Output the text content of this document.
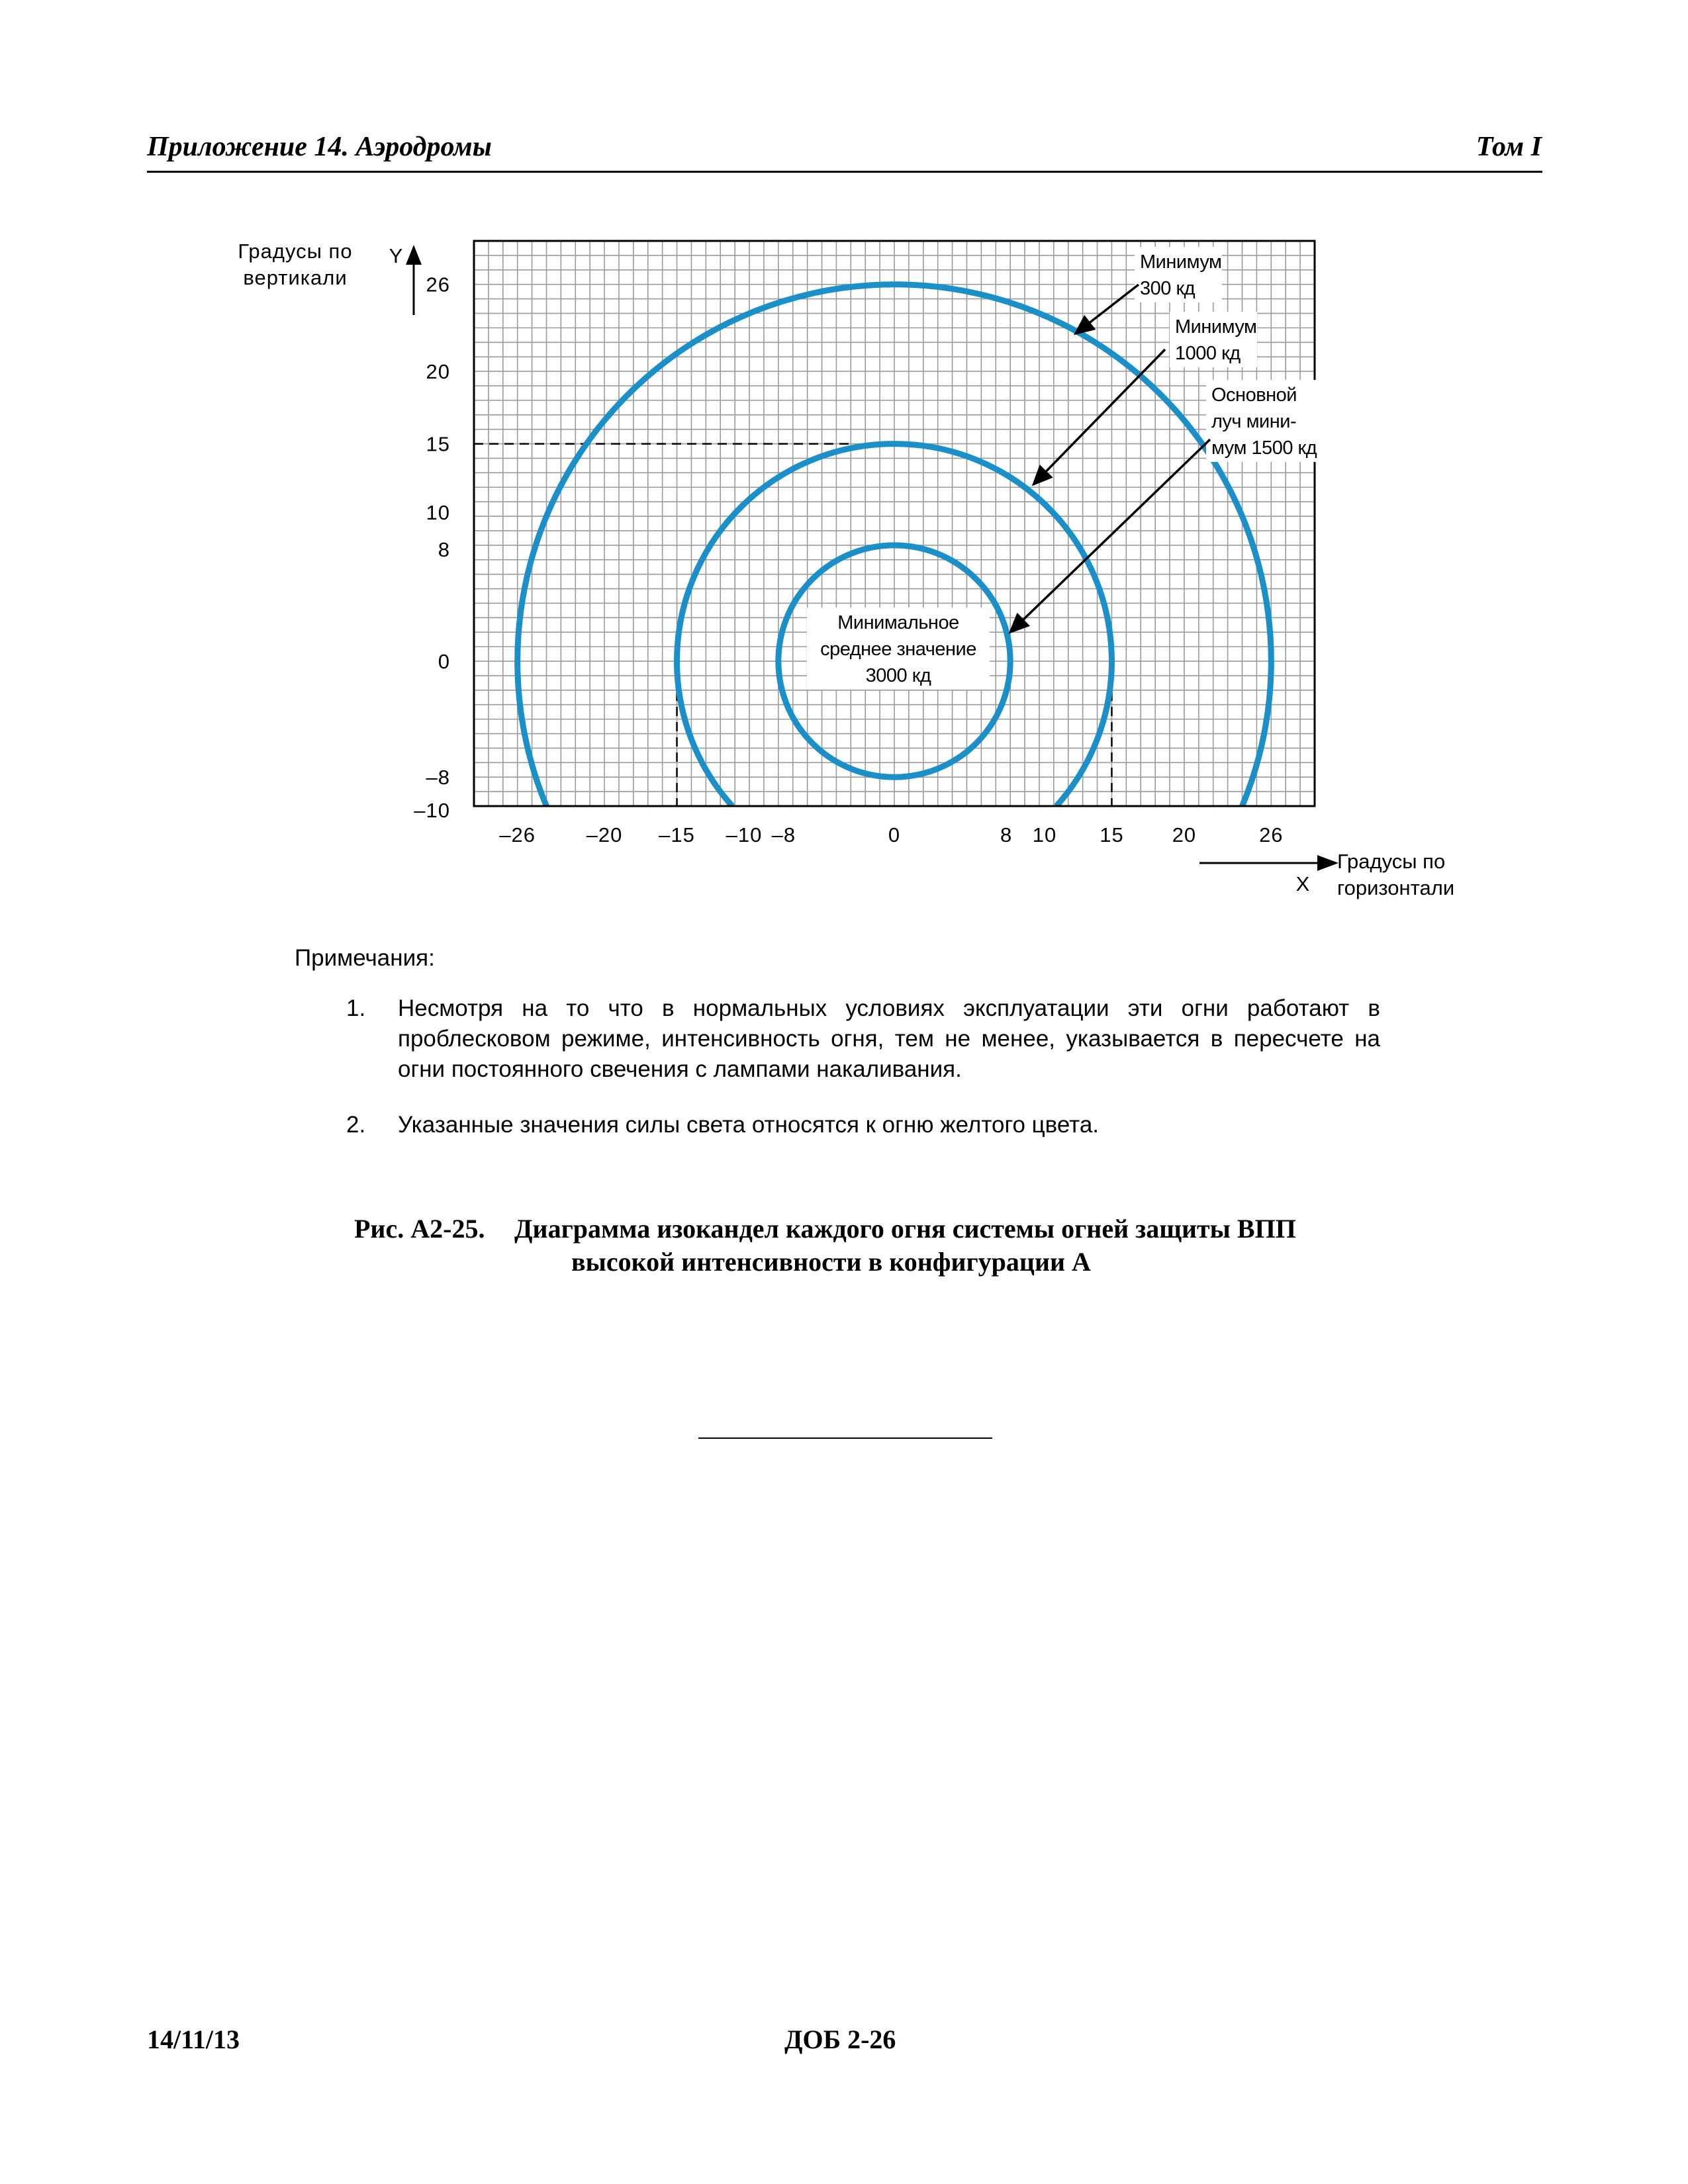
Приложение 14. Аэродромы	Том I
–26 –20 –15 –10 –8	0	8 10 15 20	26
26
20
15
10
8
0
–8
–10
Y
Градусы по вертикали
X
Градусы по горизонтали
Минимум 300 кд
Минимум 1000 кд
Основной луч мини-мум 1500 кд
Минимальное среднее значение 3000 кд
Примечания:
1.	Несмотря на то что в нормальных условиях эксплуатации эти огни работают в проблесковом режиме, интенсивность огня, тем не менее, указывается в пересчете на огни постоянного свечения с лампами накаливания.
2.	Указанные значения силы света относятся к огню желтого цвета.
Рис. А2-25. Диаграмма изокандел каждого огня системы огней защиты ВПП
высокой интенсивности в конфигурации А
14/11/13	ДОБ 2-26
